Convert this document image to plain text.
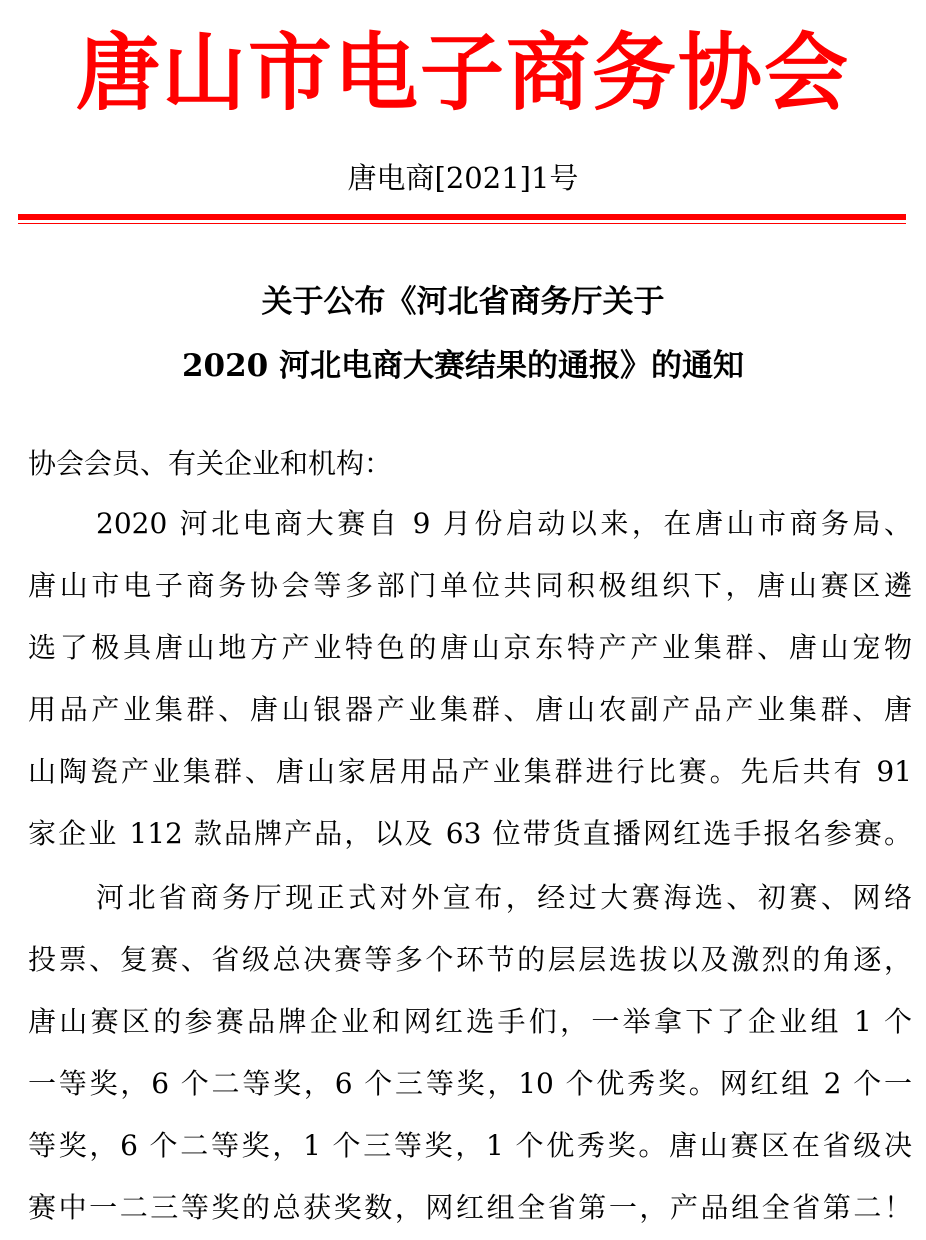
唐山市电子商务协会
唐电商[2021]1号
关于公布《河北省商务厅关于
2020 河北电商大赛结果的通报》的通知
协会会员、有关企业和机构：
2020 河北电商大赛自 9 月份启动以来，在唐山市商务局、
唐山市电子商务协会等多部门单位共同积极组织下，唐山赛区遴
选了极具唐山地方产业特色的唐山京东特产产业集群、唐山宠物
用品产业集群、唐山银器产业集群、唐山农副产品产业集群、唐
山陶瓷产业集群、唐山家居用品产业集群进行比赛。先后共有 91
家企业 112 款品牌产品，以及 63 位带货直播网红选手报名参赛。
河北省商务厅现正式对外宣布，经过大赛海选、初赛、网络
投票、复赛、省级总决赛等多个环节的层层选拔以及激烈的角逐，
唐山赛区的参赛品牌企业和网红选手们，一举拿下了企业组 1 个
一等奖，6 个二等奖，6 个三等奖，10 个优秀奖。网红组 2 个一
等奖，6 个二等奖，1 个三等奖，1 个优秀奖。唐山赛区在省级决
赛中一二三等奖的总获奖数，网红组全省第一，产品组全省第二！
